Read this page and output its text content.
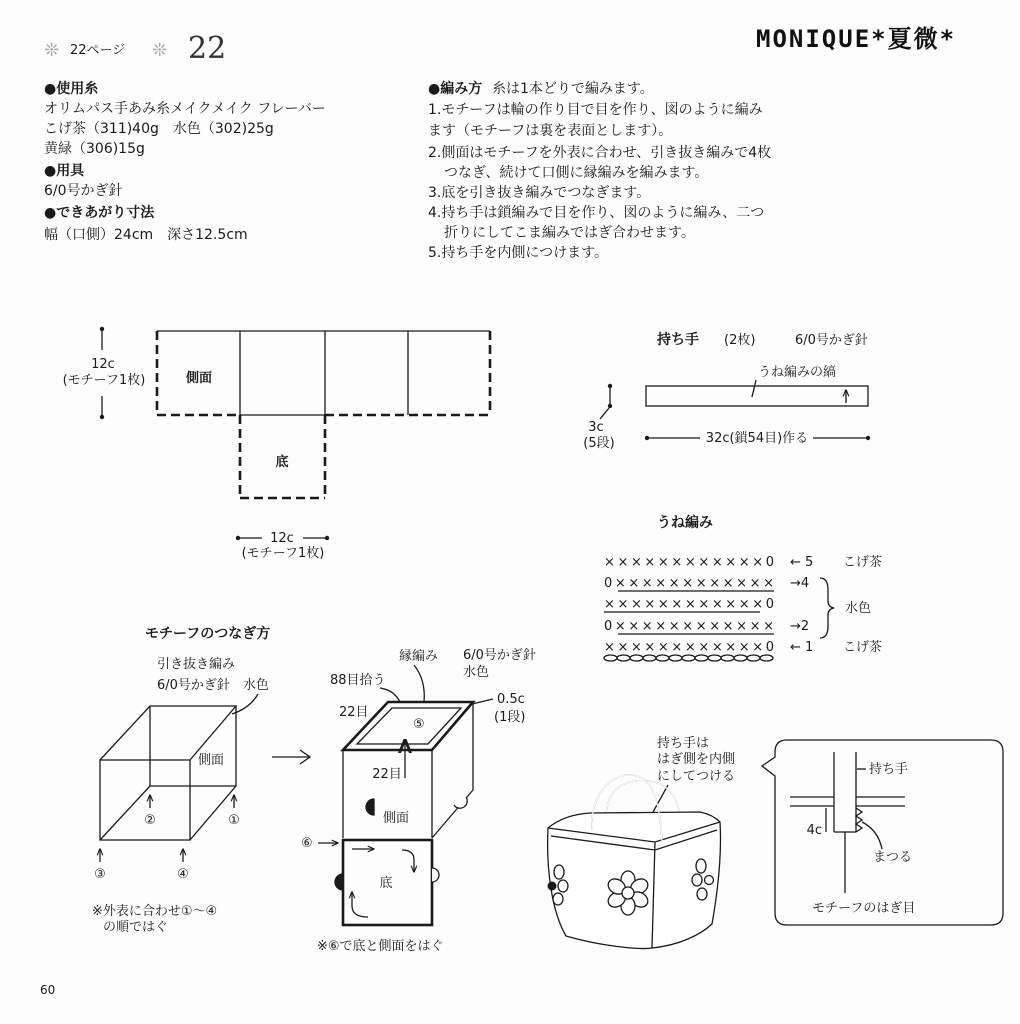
❊ 22ページ ❊ 22	MONIQUE*夏微*
●使用糸
オリムパス手あみ糸メイクメイク フレーバー
こげ茶（311)40g　水色（302)25g
黄緑（306)15g
●用具
6/0号かぎ針
●できあがり寸法
幅（口側）24cm　深さ12.5cm
●編み方 糸は1本どりで編みます。
1.モチーフは輪の作り目で目を作り、図のように編み
ます（モチーフは裏を表面とします）。
2.側面はモチーフを外表に合わせ、引き抜き編みで4枚
つなぎ、続けて口側に縁編みを編みます。
3.底を引き抜き編みでつなぎます。
4.持ち手は鎖編みで目を作り、図のように編み、二つ
折りにしてこま編みではぎ合わせます。
5.持ち手を内側につけます。
側面
底
12c
(モチーフ1枚)
12c
(モチーフ1枚)
持ち手 (2枚)	6/0号かぎ針
うね編みの縞
3c
(5段)	32c(鎖54目)作る
うね編み
××××××××××××0 ← 5 こげ茶
0×××××××××××× →4
××××××××××××0
0×××××××××××× →2
××××××××××××0 ← 1 こげ茶
水色
モチーフのつなぎ方
引き抜き編み
6/0号かぎ針　水色
側面
①
②
③	④
※外表に合わせ①〜④
の順ではぐ
縁編み 6/0号かぎ針
水色
88目拾う
22目
⑤
0.5c
(1段)
22目
側面
底
⑥
※⑥で底と側面をはぐ
持ち手は
はぎ側を内側
にしてつける
4c
持ち手
まつる
モチーフのはぎ目
60
